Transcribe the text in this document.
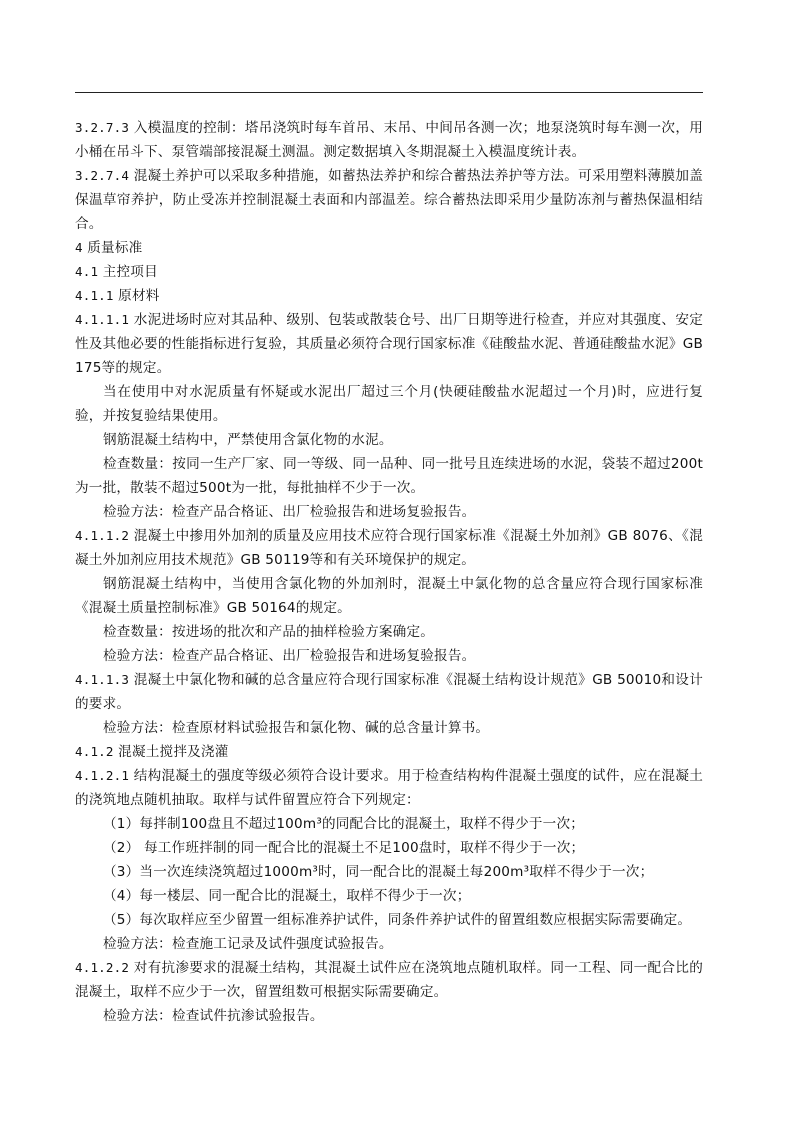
3.2.7.3 入模温度的控制：塔吊浇筑时每车首吊、末吊、中间吊各测一次；地泵浇筑时每车测一次，用小桶在吊斗下、泵管端部接混凝土测温。测定数据填入冬期混凝土入模温度统计表。

3.2.7.4 混凝土养护可以采取多种措施，如蓄热法养护和综合蓄热法养护等方法。可采用塑料薄膜加盖保温草帘养护，防止受冻并控制混凝土表面和内部温差。综合蓄热法即采用少量防冻剂与蓄热保温相结合。

4 质量标准

4.1 主控项目

4.1.1 原材料

4.1.1.1 水泥进场时应对其品种、级别、包装或散装仓号、出厂日期等进行检查，并应对其强度、安定性及其他必要的性能指标进行复验，其质量必须符合现行国家标准《硅酸盐水泥、普通硅酸盐水泥》GB 175等的规定。

当在使用中对水泥质量有怀疑或水泥出厂超过三个月(快硬硅酸盐水泥超过一个月)时，应进行复验，并按复验结果使用。

钢筋混凝土结构中，严禁使用含氯化物的水泥。

检查数量：按同一生产厂家、同一等级、同一品种、同一批号且连续进场的水泥，袋装不超过200t为一批，散装不超过500t为一批，每批抽样不少于一次。

检验方法：检查产品合格证、出厂检验报告和进场复验报告。

4.1.1.2 混凝土中掺用外加剂的质量及应用技术应符合现行国家标准《混凝土外加剂》GB 8076、《混凝土外加剂应用技术规范》GB 50119等和有关环境保护的规定。

钢筋混凝土结构中，当使用含氯化物的外加剂时，混凝土中氯化物的总含量应符合现行国家标准《混凝土质量控制标准》GB 50164的规定。

检查数量：按进场的批次和产品的抽样检验方案确定。

检验方法：检查产品合格证、出厂检验报告和进场复验报告。

4.1.1.3 混凝土中氯化物和碱的总含量应符合现行国家标准《混凝土结构设计规范》GB 50010和设计的要求。

检验方法：检查原材料试验报告和氯化物、碱的总含量计算书。

4.1.2 混凝土搅拌及浇灌

4.1.2.1 结构混凝土的强度等级必须符合设计要求。用于检查结构构件混凝土强度的试件，应在混凝土的浇筑地点随机抽取。取样与试件留置应符合下列规定：

（1）每拌制100盘且不超过100m³的同配合比的混凝土，取样不得少于一次；

（2） 每工作班拌制的同一配合比的混凝土不足100盘时，取样不得少于一次；

（3）当一次连续浇筑超过1000m³时，同一配合比的混凝土每200m³取样不得少于一次；

（4）每一楼层、同一配合比的混凝土，取样不得少于一次；

（5）每次取样应至少留置一组标准养护试件，同条件养护试件的留置组数应根据实际需要确定。

检验方法：检查施工记录及试件强度试验报告。

4.1.2.2 对有抗渗要求的混凝土结构，其混凝土试件应在浇筑地点随机取样。同一工程、同一配合比的混凝土，取样不应少于一次，留置组数可根据实际需要确定。

检验方法：检查试件抗渗试验报告。
